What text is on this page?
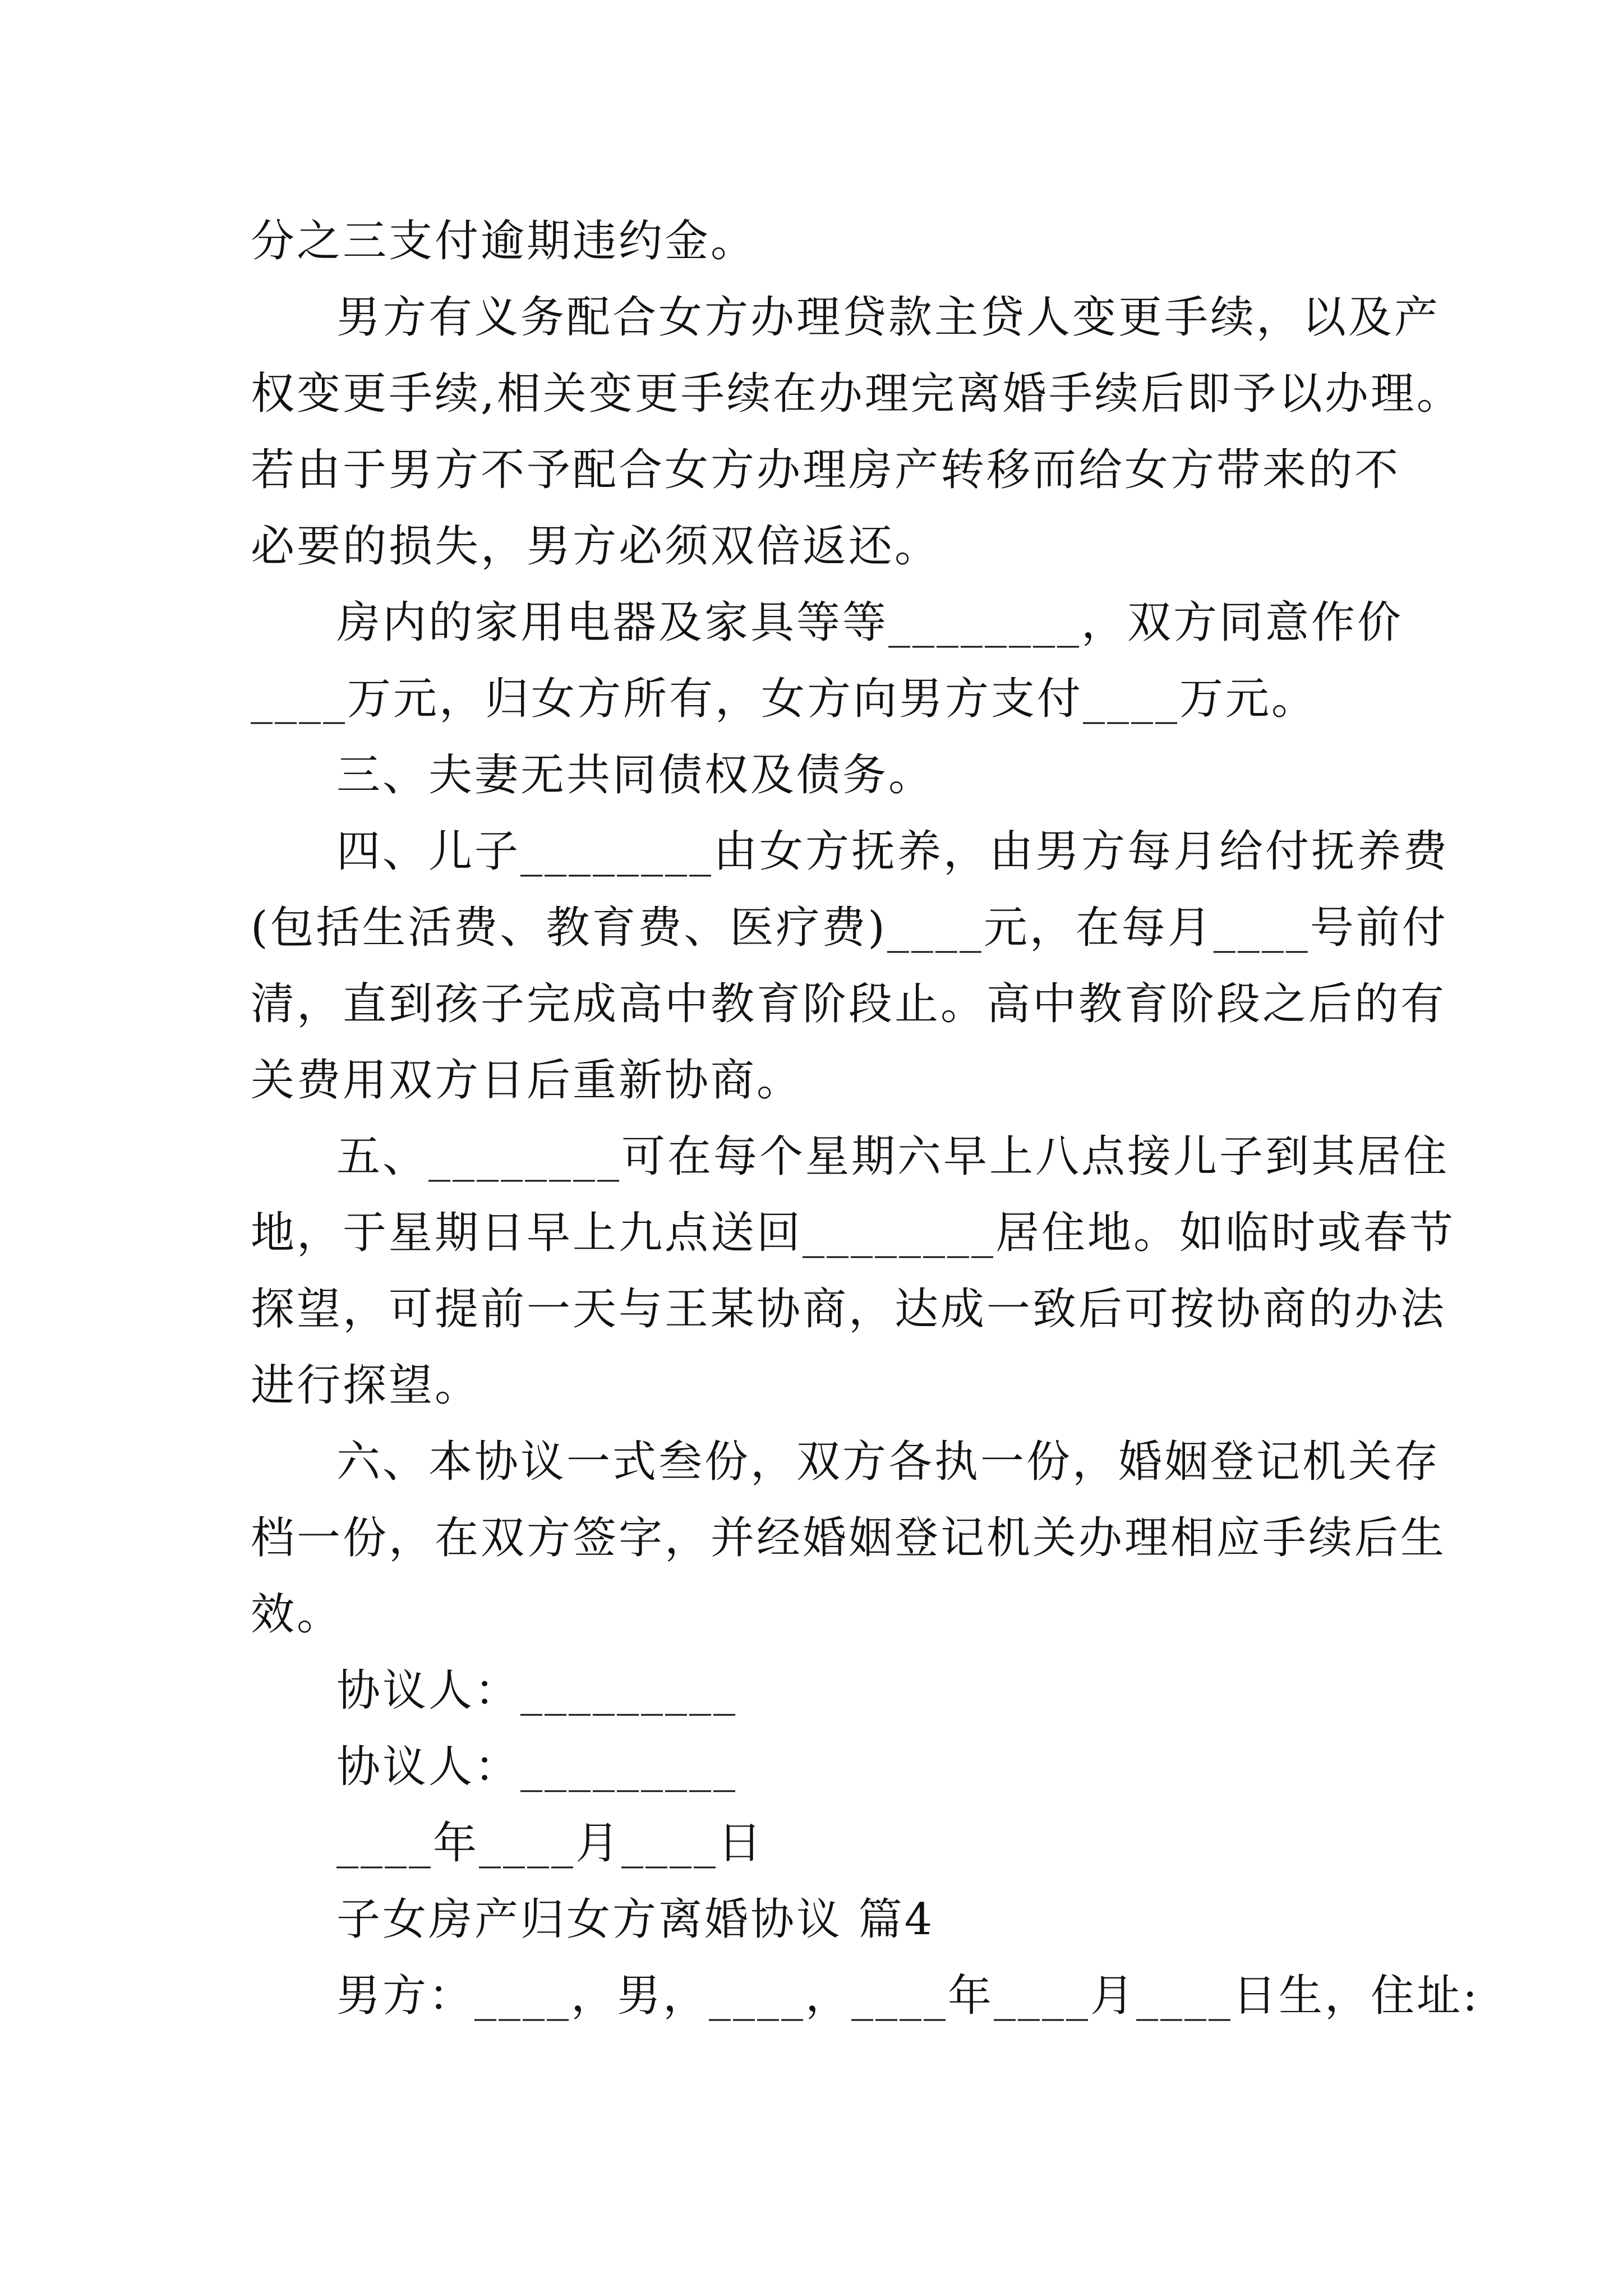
分之三支付逾期违约金。
男方有义务配合女方办理贷款主贷人变更手续，以及产
权变更手续,相关变更手续在办理完离婚手续后即予以办理。
若由于男方不予配合女方办理房产转移而给女方带来的不
必要的损失，男方必须双倍返还。
房内的家用电器及家具等等________，双方同意作价
____万元，归女方所有，女方向男方支付____万元。
三、夫妻无共同债权及债务。
四、儿子________由女方抚养，由男方每月给付抚养费
(包括生活费、教育费、医疗费)____元，在每月____号前付
清，直到孩子完成高中教育阶段止。高中教育阶段之后的有
关费用双方日后重新协商。
五、________可在每个星期六早上八点接儿子到其居住
地，于星期日早上九点送回________居住地。如临时或春节
探望，可提前一天与王某协商，达成一致后可按协商的办法
进行探望。
六、本协议一式叁份，双方各执一份，婚姻登记机关存
档一份，在双方签字，并经婚姻登记机关办理相应手续后生
效。
协议人：_________
协议人：_________
____年____月____日
子女房产归女方离婚协议 篇4
男方：____，男，____，____年____月____日生，住址:
